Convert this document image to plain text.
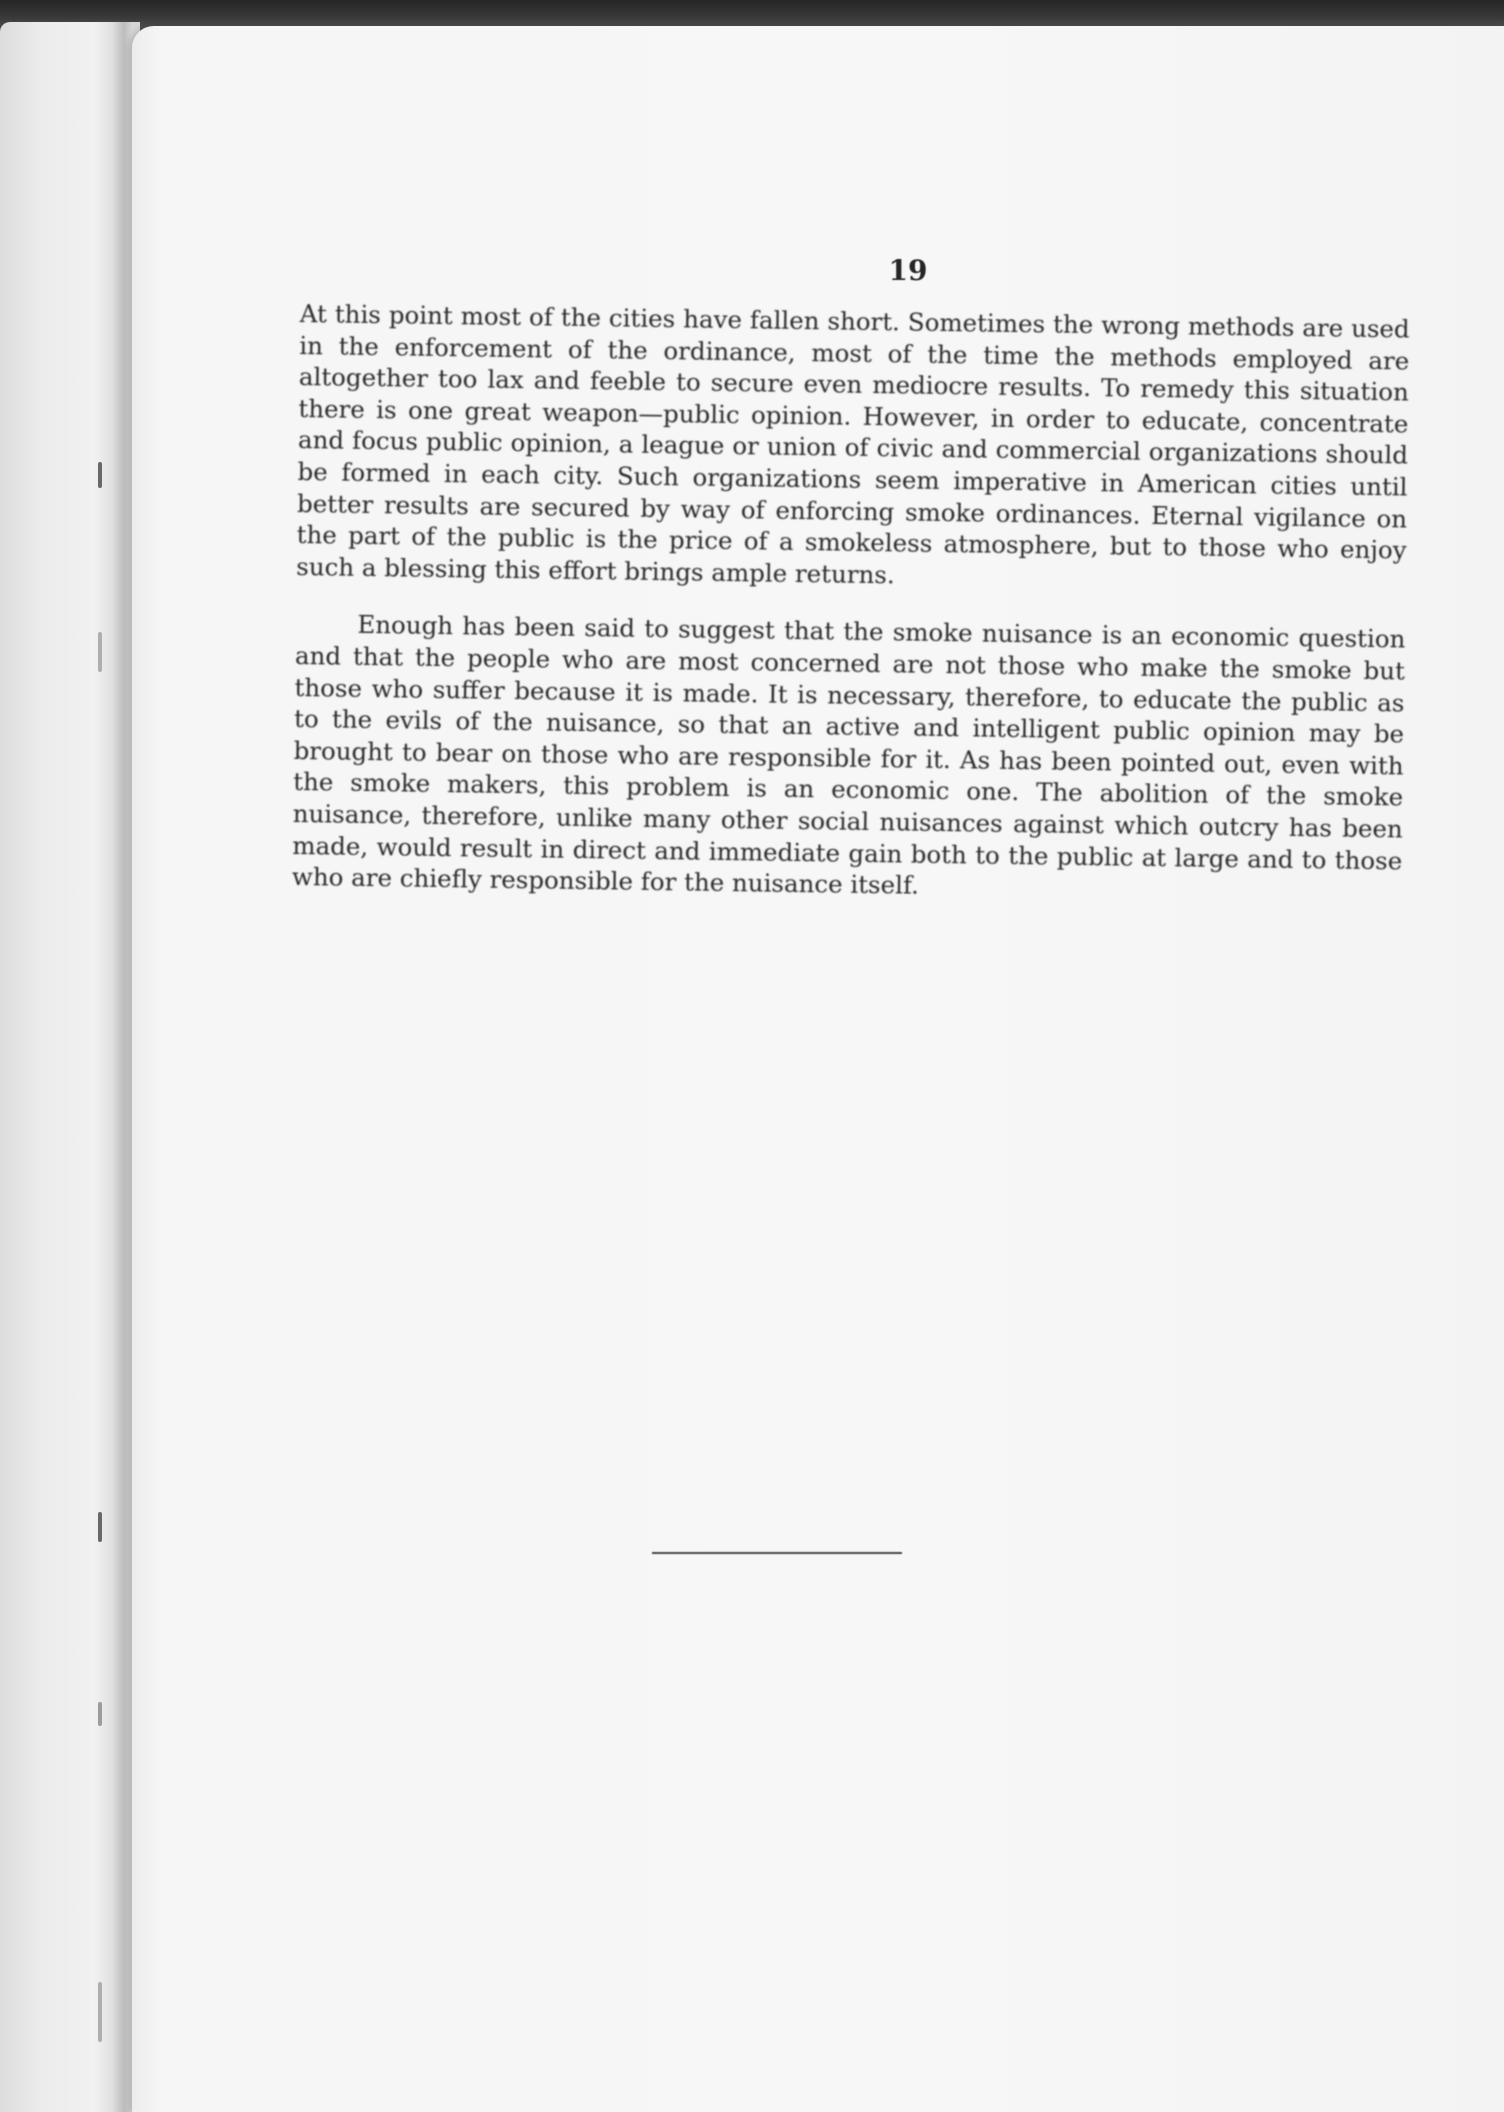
19

At this point most of the cities have fallen short. Sometimes the wrong methods are used in the enforcement of the ordinance, most of the time the methods employed are altogether too lax and feeble to secure even mediocre results. To remedy this situation there is one great weapon—public opinion. However, in order to educate, concentrate and focus public opinion, a league or union of civic and commercial organizations should be formed in each city. Such organizations seem imperative in American cities until better results are secured by way of enforcing smoke ordinances. Eternal vigilance on the part of the public is the price of a smokeless atmosphere, but to those who enjoy such a blessing this effort brings ample returns.

Enough has been said to suggest that the smoke nuisance is an economic question and that the people who are most concerned are not those who make the smoke but those who suffer because it is made. It is necessary, therefore, to educate the public as to the evils of the nuisance, so that an active and intelligent public opinion may be brought to bear on those who are responsible for it. As has been pointed out, even with the smoke makers, this problem is an economic one. The abolition of the smoke nuisance, therefore, unlike many other social nuisances against which outcry has been made, would result in direct and immediate gain both to the public at large and to those who are chiefly responsible for the nuisance itself.
